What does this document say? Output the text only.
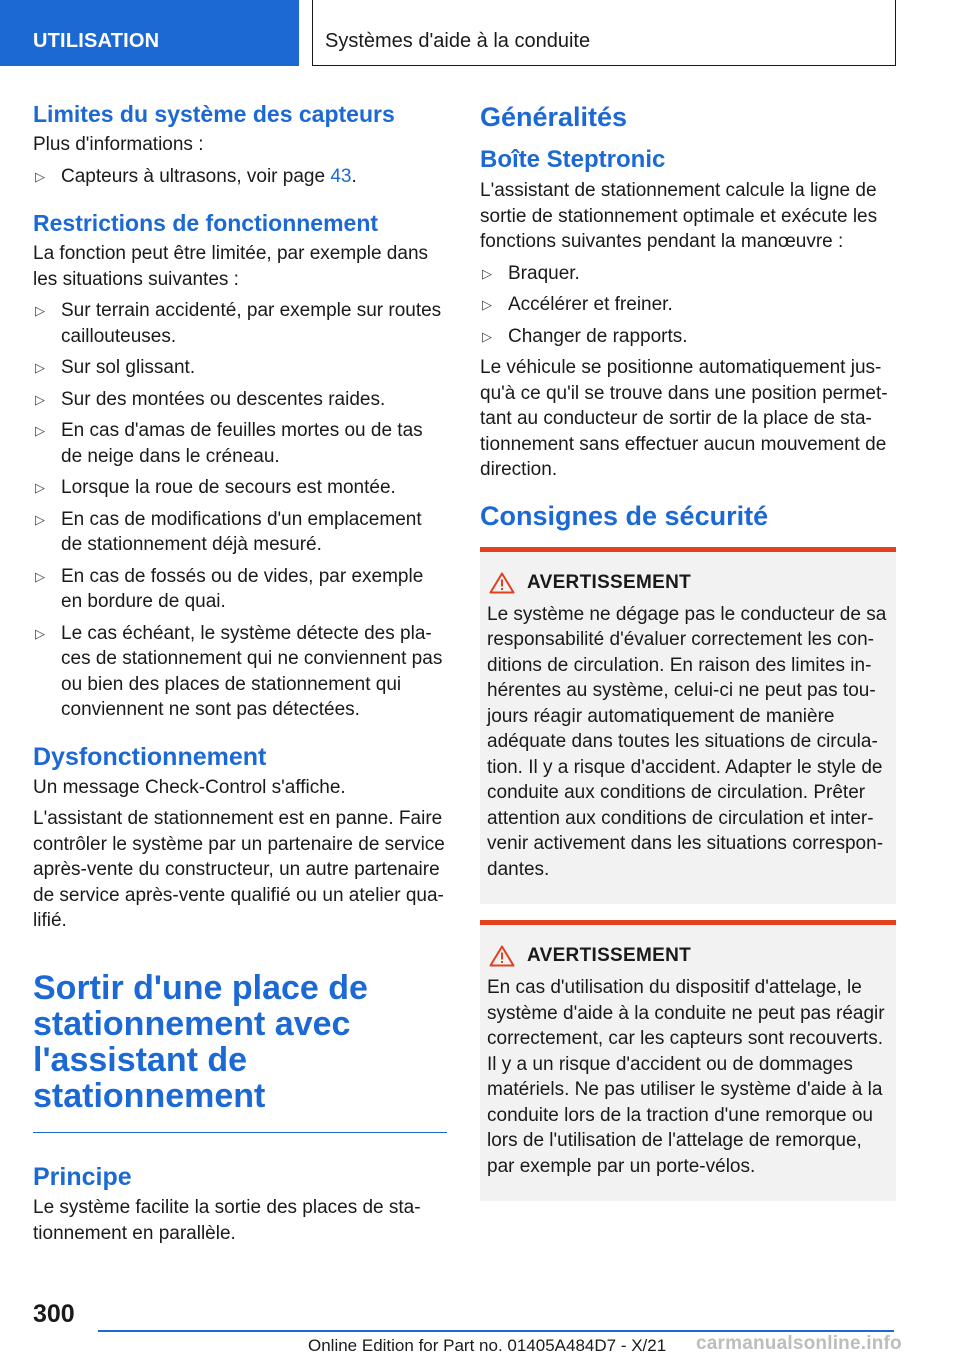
UTILISATION	Systèmes d'aide à la conduite
Limites du système des capteurs

Plus d'informations :

▷ Capteurs à ultrasons, voir page 43.
Restrictions de fonctionnement

La fonction peut être limitée, par exemple dans les situations suivantes :

▷ Sur terrain accidenté, par exemple sur routes caillouteuses.
▷ Sur sol glissant.
▷ Sur des montées ou descentes raides.
▷ En cas d'amas de feuilles mortes ou de tas de neige dans le créneau.
▷ Lorsque la roue de secours est montée.
▷ En cas de modifications d'un emplacement de stationnement déjà mesuré.
▷ En cas de fossés ou de vides, par exemple en bordure de quai.
▷ Le cas échéant, le système détecte des pla-ces de stationnement qui ne conviennent pas ou bien des places de stationnement qui conviennent ne sont pas détectées.
Dysfonctionnement

Un message Check-Control s'affiche.

L'assistant de stationnement est en panne. Faire contrôler le système par un partenaire de service après-vente du constructeur, un autre partenaire de service après-vente qualifié ou un atelier qua-lifié.

Sortir d'une place de stationnement avec l'assistant de stationnement
Principe

Le système facilite la sortie des places de sta-tionnement en parallèle.

Généralités
Boîte Steptronic

L'assistant de stationnement calcule la ligne de sortie de stationnement optimale et exécute les fonctions suivantes pendant la manœuvre :

▷ Braquer.
▷ Accélérer et freiner.
▷ Changer de rapports.

Le véhicule se positionne automatiquement jus-qu'à ce qu'il se trouve dans une position permet-tant au conducteur de sortir de la place de sta-tionnement sans effectuer aucun mouvement de direction.

Consignes de sécurité
AVERTISSEMENT

Le système ne dégage pas le conducteur de sa responsabilité d'évaluer correctement les con-ditions de circulation. En raison des limites in-hérentes au système, celui-ci ne peut pas tou-jours réagir automatiquement de manière adéquate dans toutes les situations de circula-tion. Il y a risque d'accident. Adapter le style de conduite aux conditions de circulation. Prêter attention aux conditions de circulation et inter-venir activement dans les situations correspon-dantes.

AVERTISSEMENT

En cas d'utilisation du dispositif d'attelage, le système d'aide à la conduite ne peut pas réagir correctement, car les capteurs sont recouverts. Il y a un risque d'accident ou de dommages matériels. Ne pas utiliser le système d'aide à la conduite lors de la traction d'une remorque ou lors de l'utilisation de l'attelage de remorque, par exemple par un porte-vélos.

300
Online Edition for Part no. 01405A484D7 - X/21 carmanualsonline.info
